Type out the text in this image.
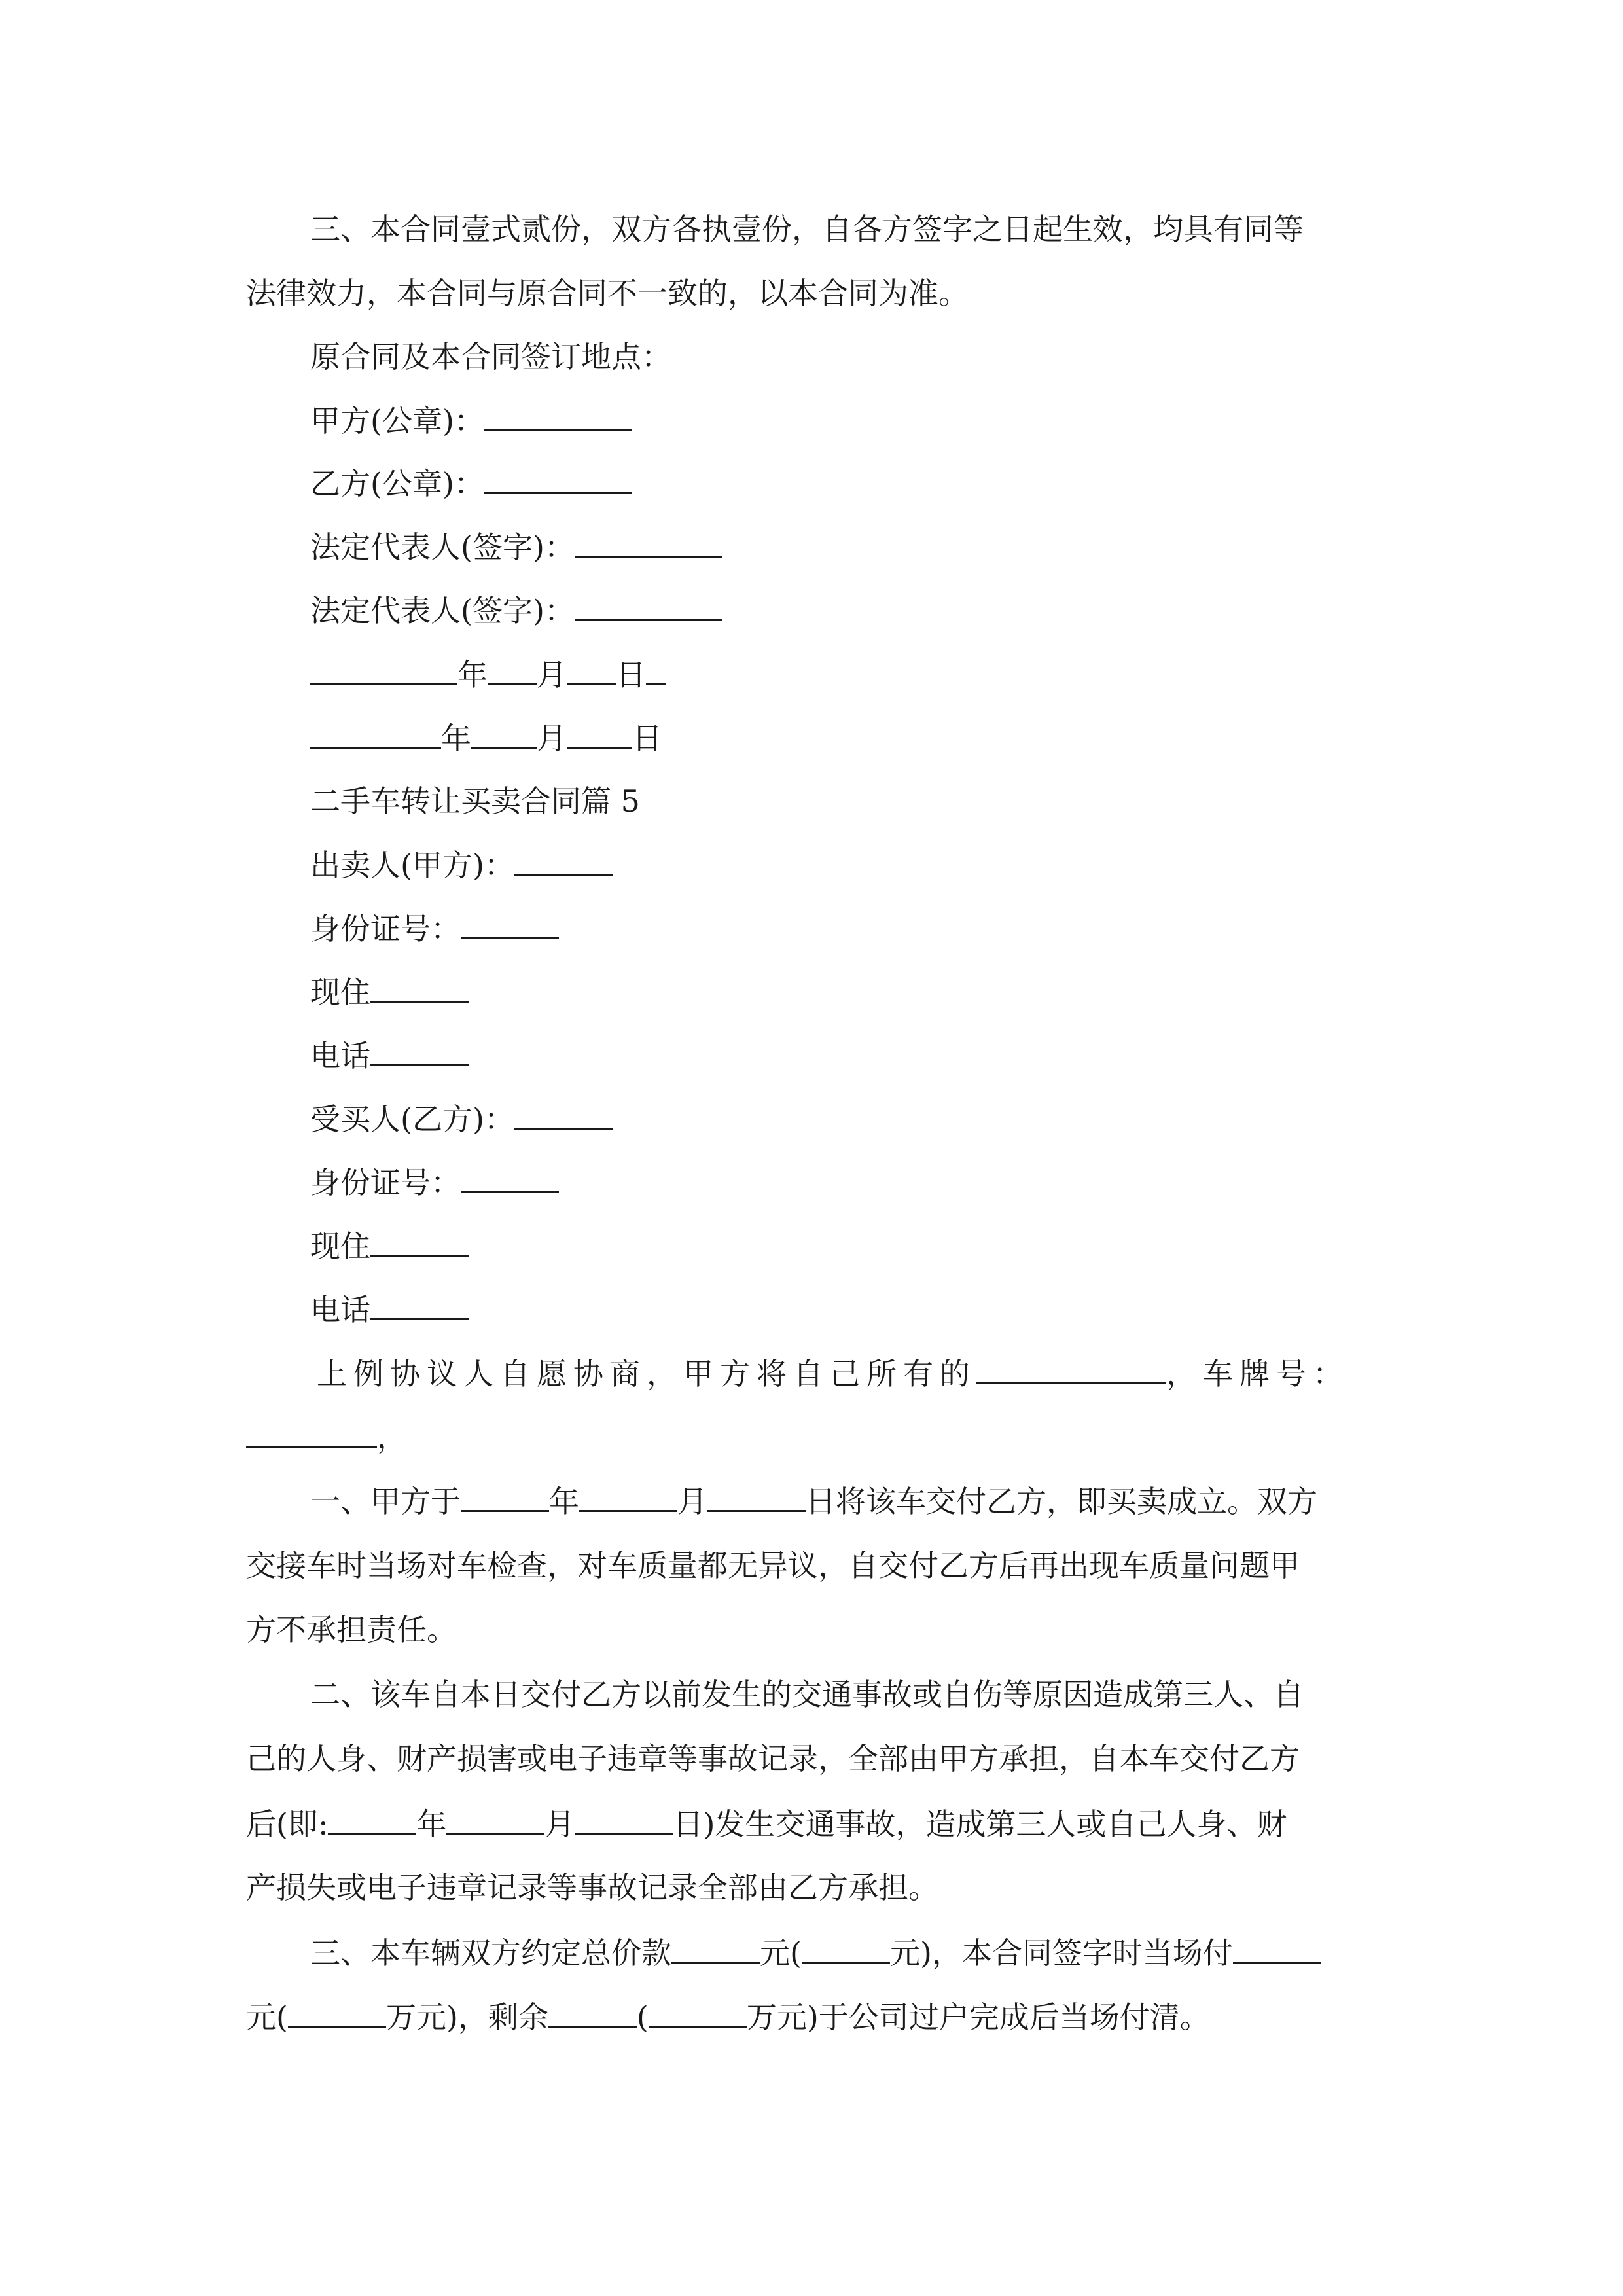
三、本合同壹式贰份，双方各执壹份，自各方签字之日起生效，均具有同等
法律效力，本合同与原合同不一致的，以本合同为准。
原合同及本合同签订地点：
甲方(公章)：
乙方(公章)：
法定代表人(签字)：
法定代表人(签字)：
年 月 日
年 月 日
二手车转让买卖合同篇 5
出卖人(甲方)：
身份证号：
现住
电话
受买人(乙方)：
身份证号：
现住
电话
上例协议人自愿协商，甲方将自己所有的	，车牌号：
，
一、甲方于	年	月	日将该车交付乙方，即买卖成立。双方
交接车时当场对车检查，对车质量都无异议，自交付乙方后再出现车质量问题甲
方不承担责任。
二、该车自本日交付乙方以前发生的交通事故或自伤等原因造成第三人、自
己的人身、财产损害或电子违章等事故记录，全部由甲方承担，自本车交付乙方
后(即:	年	月	日)发生交通事故，造成第三人或自己人身、财
产损失或电子违章记录等事故记录全部由乙方承担。
三、本车辆双方约定总价款	元(	元)，本合同签字时当场付
元(	万元)，剩余	(	万元)于公司过户完成后当场付清。
